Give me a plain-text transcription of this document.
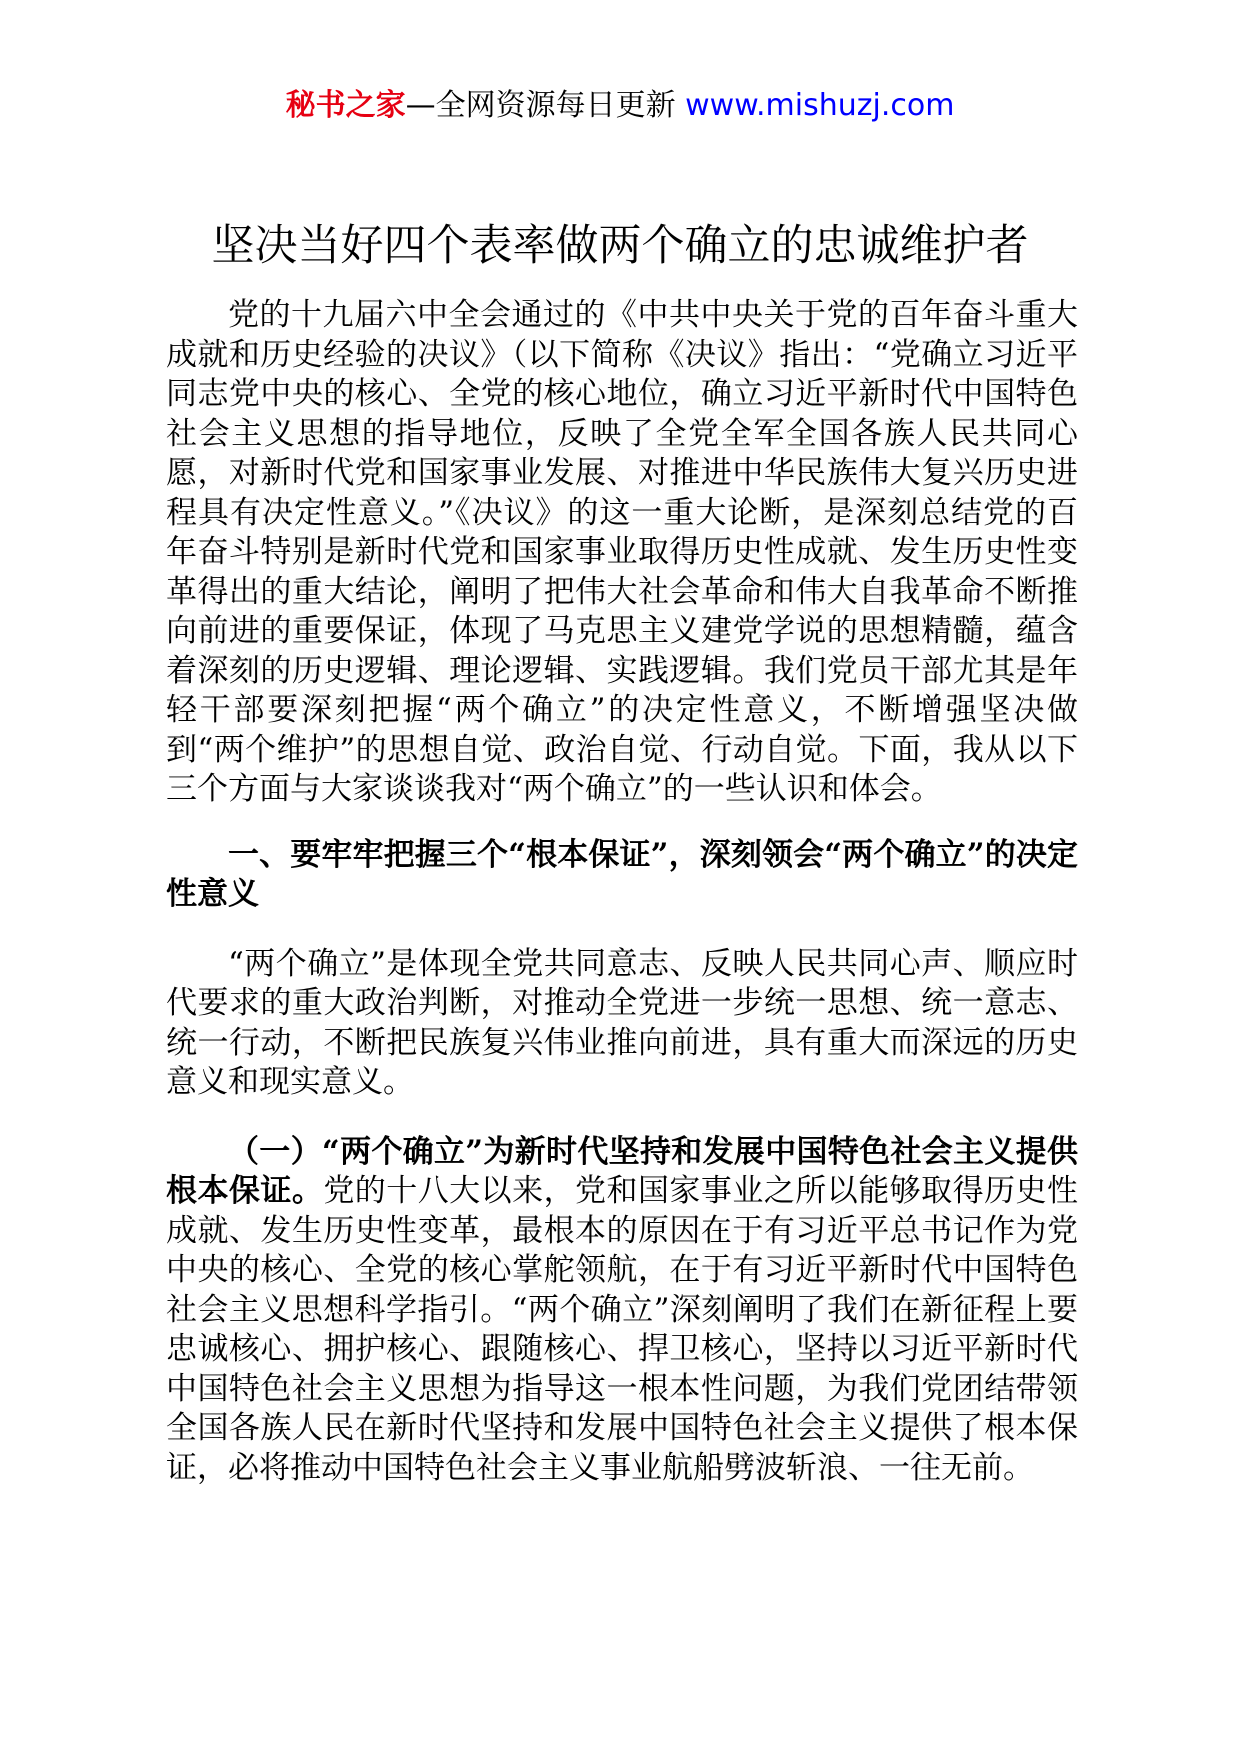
秘书之家—全网资源每日更新 www.mishuzj.com
坚决当好四个表率做两个确立的忠诚维护者

党的十九届六中全会通过的《中共中央关于党的百年奋斗重大成就和历史经验的决议》（以下简称《决议》指出：“党确立习近平同志党中央的核心、全党的核心地位，确立习近平新时代中国特色社会主义思想的指导地位，反映了全党全军全国各族人民共同心愿，对新时代党和国家事业发展、对推进中华民族伟大复兴历史进程具有决定性意义。”《决议》的这一重大论断，是深刻总结党的百年奋斗特别是新时代党和国家事业取得历史性成就、发生历史性变革得出的重大结论，阐明了把伟大社会革命和伟大自我革命不断推向前进的重要保证，体现了马克思主义建党学说的思想精髓，蕴含着深刻的历史逻辑、理论逻辑、实践逻辑。我们党员干部尤其是年轻干部要深刻把握“两个确立”的决定性意义，不断增强坚决做到“两个维护”的思想自觉、政治自觉、行动自觉。下面，我从以下三个方面与大家谈谈我对“两个确立”的一些认识和体会。

一、要牢牢把握三个“根本保证”，深刻领会“两个确立”的决定性意义

“两个确立”是体现全党共同意志、反映人民共同心声、顺应时代要求的重大政治判断，对推动全党进一步统一思想、统一意志、统一行动，不断把民族复兴伟业推向前进，具有重大而深远的历史意义和现实意义。

（一）“两个确立”为新时代坚持和发展中国特色社会主义提供根本保证。党的十八大以来，党和国家事业之所以能够取得历史性成就、发生历史性变革，最根本的原因在于有习近平总书记作为党中央的核心、全党的核心掌舵领航，在于有习近平新时代中国特色社会主义思想科学指引。“两个确立”深刻阐明了我们在新征程上要忠诚核心、拥护核心、跟随核心、捍卫核心，坚持以习近平新时代中国特色社会主义思想为指导这一根本性问题，为我们党团结带领全国各族人民在新时代坚持和发展中国特色社会主义提供了根本保证，必将推动中国特色社会主义事业航船劈波斩浪、一往无前。
